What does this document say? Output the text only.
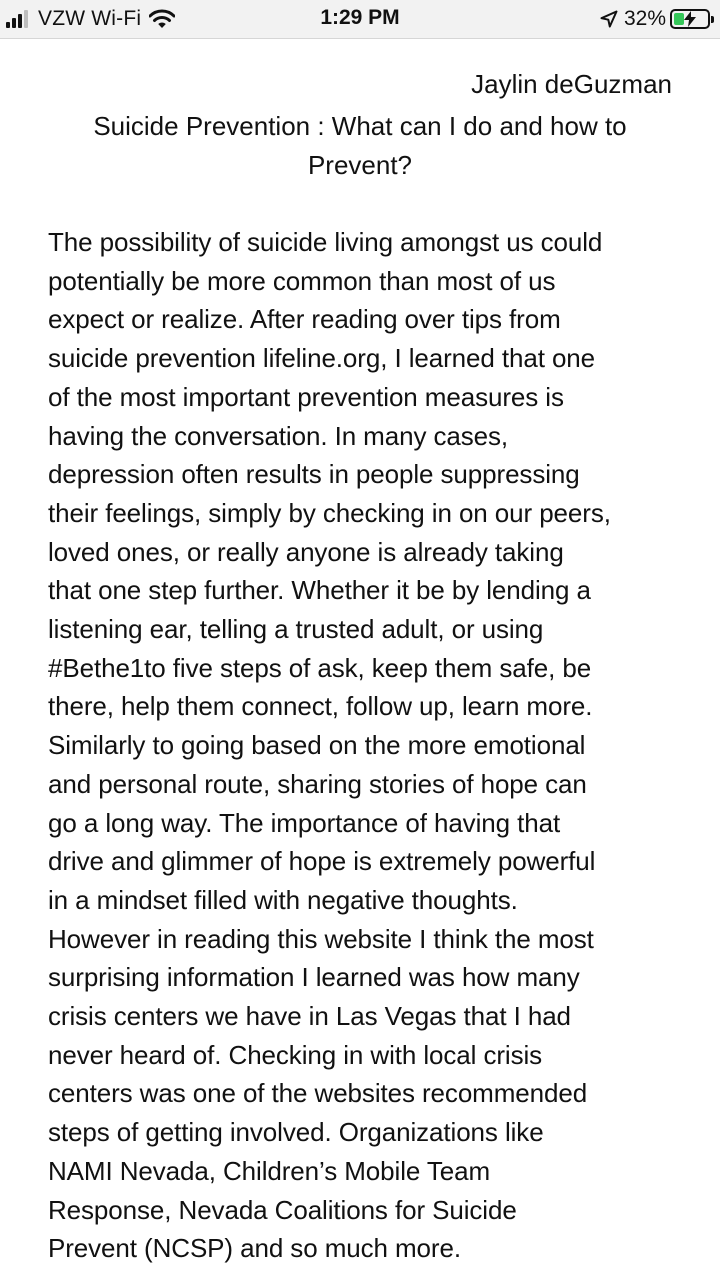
VZW Wi-Fi	1:29 PM	32%
Jaylin deGuzman
Suicide Prevention : What can I do and how to
Prevent?
The possibility of suicide living amongst us could
potentially be more common than most of us
expect or realize. After reading over tips from
suicide prevention lifeline.org, I learned that one
of the most important prevention measures is
having the conversation. In many cases,
depression often results in people suppressing
their feelings, simply by checking in on our peers,
loved ones, or really anyone is already taking
that one step further. Whether it be by lending a
listening ear, telling a trusted adult, or using
#Bethe1to five steps of ask, keep them safe, be
there, help them connect, follow up, learn more.
Similarly to going based on the more emotional
and personal route, sharing stories of hope can
go a long way. The importance of having that
drive and glimmer of hope is extremely powerful
in a mindset filled with negative thoughts.
However in reading this website I think the most
surprising information I learned was how many
crisis centers we have in Las Vegas that I had
never heard of. Checking in with local crisis
centers was one of the websites recommended
steps of getting involved. Organizations like
NAMI Nevada, Children’s Mobile Team
Response, Nevada Coalitions for Suicide
Prevent (NCSP) and so much more.
